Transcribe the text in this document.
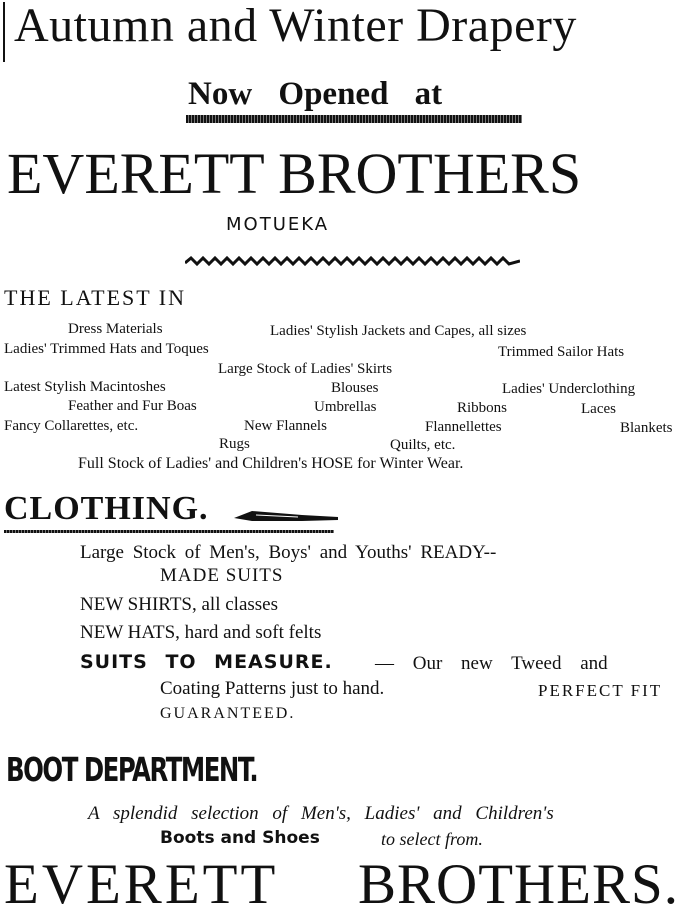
Autumn and Winter Drapery
Now Opened at
EVERETT BROTHERS
MOTUEKA
THE LATEST IN
Dress Materials	Ladies' Stylish Jackets and Capes, all sizes
Ladies' Trimmed Hats and Toques	Trimmed Sailor Hats
Large Stock of Ladies' Skirts
Latest Stylish Macintoshes	Blouses	Ladies' Underclothing
Feather and Fur Boas	Umbrellas	Ribbons	Laces
Fancy Collarettes, etc.	New Flannels	Flannellettes	Blankets
Rugs	Quilts, etc.
Full Stock of Ladies' and Children's HOSE for Winter Wear.
CLOTHING.
Large Stock of Men's, Boys' and Youths' READY--
MADE SUITS
NEW SHIRTS, all classes
NEW HATS, hard and soft felts
SUITS TO MEASURE. — Our new Tweed and
Coating Patterns just to hand.	PERFECT FIT
GUARANTEED.
BOOT DEPARTMENT.
A splendid selection of Men's, Ladies' and Children's
Boots and Shoes	to select from.
EVERETT BROTHERS.
